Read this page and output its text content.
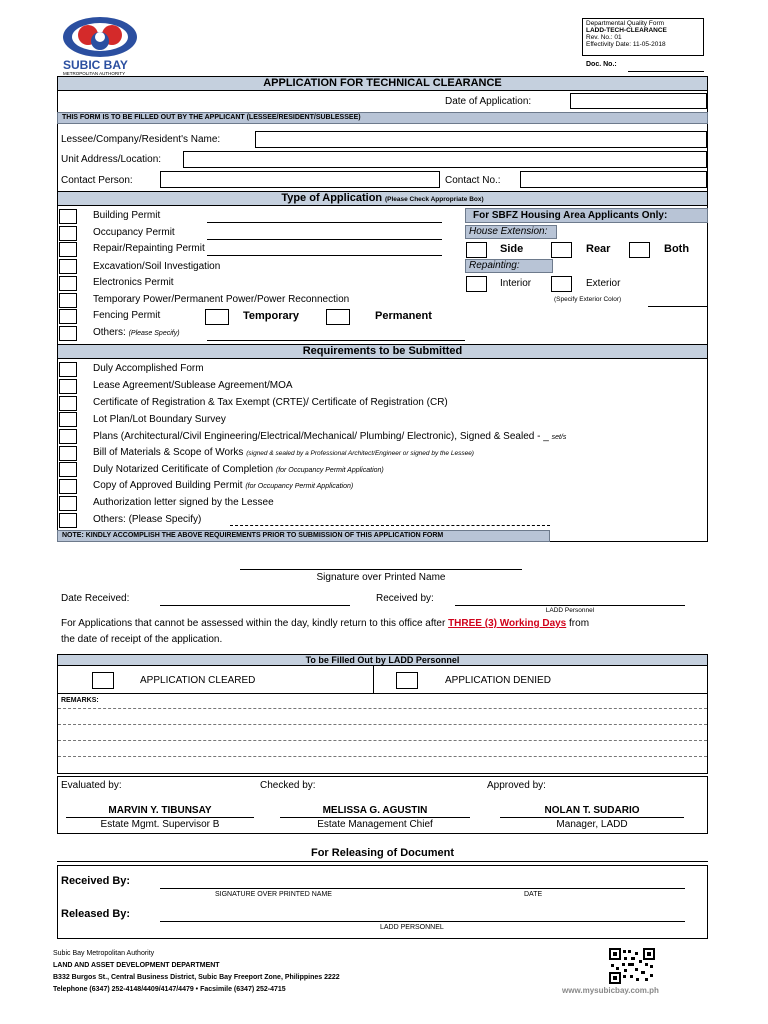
SUBIC BAY
METROPOLITAN AUTHORITY
Departmental Quality Form
LADD-TECH-CLEARANCE
Rev. No.: 01
Effectivity Date: 11-05-2018
Doc. No.:
APPLICATION FOR TECHNICAL CLEARANCE
Date of Application:
THIS FORM IS TO BE FILLED OUT BY THE APPLICANT (LESSEE/RESIDENT/SUBLESSEE)
Lessee/Company/Resident's Name:
Unit Address/Location:
Contact Person:	Contact No.:
Type of Application (Please Check Appropriate Box)
Building Permit
Occupancy Permit
Repair/Repainting Permit
Excavation/Soil Investigation
Electronics Permit
Temporary Power/Permanent Power/Power Reconnection
Fencing Permit	Temporary	Permanent
Others: (Please Specify)
For SBFZ Housing Area Applicants Only:
House Extension:
Side	Rear	Both
Repainting:
Interior	Exterior
(Specify Exterior Color)
Requirements to be Submitted
Duly Accomplished Form
Lease Agreement/Sublease Agreement/MOA
Certificate of Registration & Tax Exempt (CRTE)/ Certificate of Registration (CR)
Lot Plan/Lot Boundary Survey
Plans (Architectural/Civil Engineering/Electrical/Mechanical/ Plumbing/ Electronic), Signed & Sealed - _ set/s
Bill of Materials & Scope of Works (signed & sealed by a Professional Architect/Engineer or signed by the Lessee)
Duly Notarized Ceritificate of Completion (for Occupancy Permit Application)
Copy of Approved Building Permit (for Occupancy Permit Application)
Authorization letter signed by the Lessee
Others: (Please Specify)
NOTE: KINDLY ACCOMPLISH THE ABOVE REQUIREMENTS PRIOR TO SUBMISSION OF THIS APPLICATION FORM
Signature over Printed Name
Date Received:	Received by:
LADD Personnel
For Applications that cannot be assessed within the day, kindly return to this office after THREE (3) Working Days from
the date of receipt of the application.
To be Filled Out by LADD Personnel
APPLICATION CLEARED	APPLICATION DENIED
REMARKS:
Evaluated by:	Checked by:	Approved by:
MARVIN Y. TIBUNSAY
Estate Mgmt. Supervisor B
MELISSA G. AGUSTIN
Estate Management Chief
NOLAN T. SUDARIO
Manager, LADD
For Releasing of Document
Received By:
SIGNATURE OVER PRINTED NAME	DATE
Released By:
LADD PERSONNEL
Subic Bay Metropolitan Authority
LAND AND ASSET DEVELOPMENT DEPARTMENT
B332 Burgos St., Central Business District, Subic Bay Freeport Zone, Philippines 2222
Telephone (6347) 252-4148/4409/4147/4479 • Facsimile (6347) 252-4715	www.mysubicbay.com.ph
